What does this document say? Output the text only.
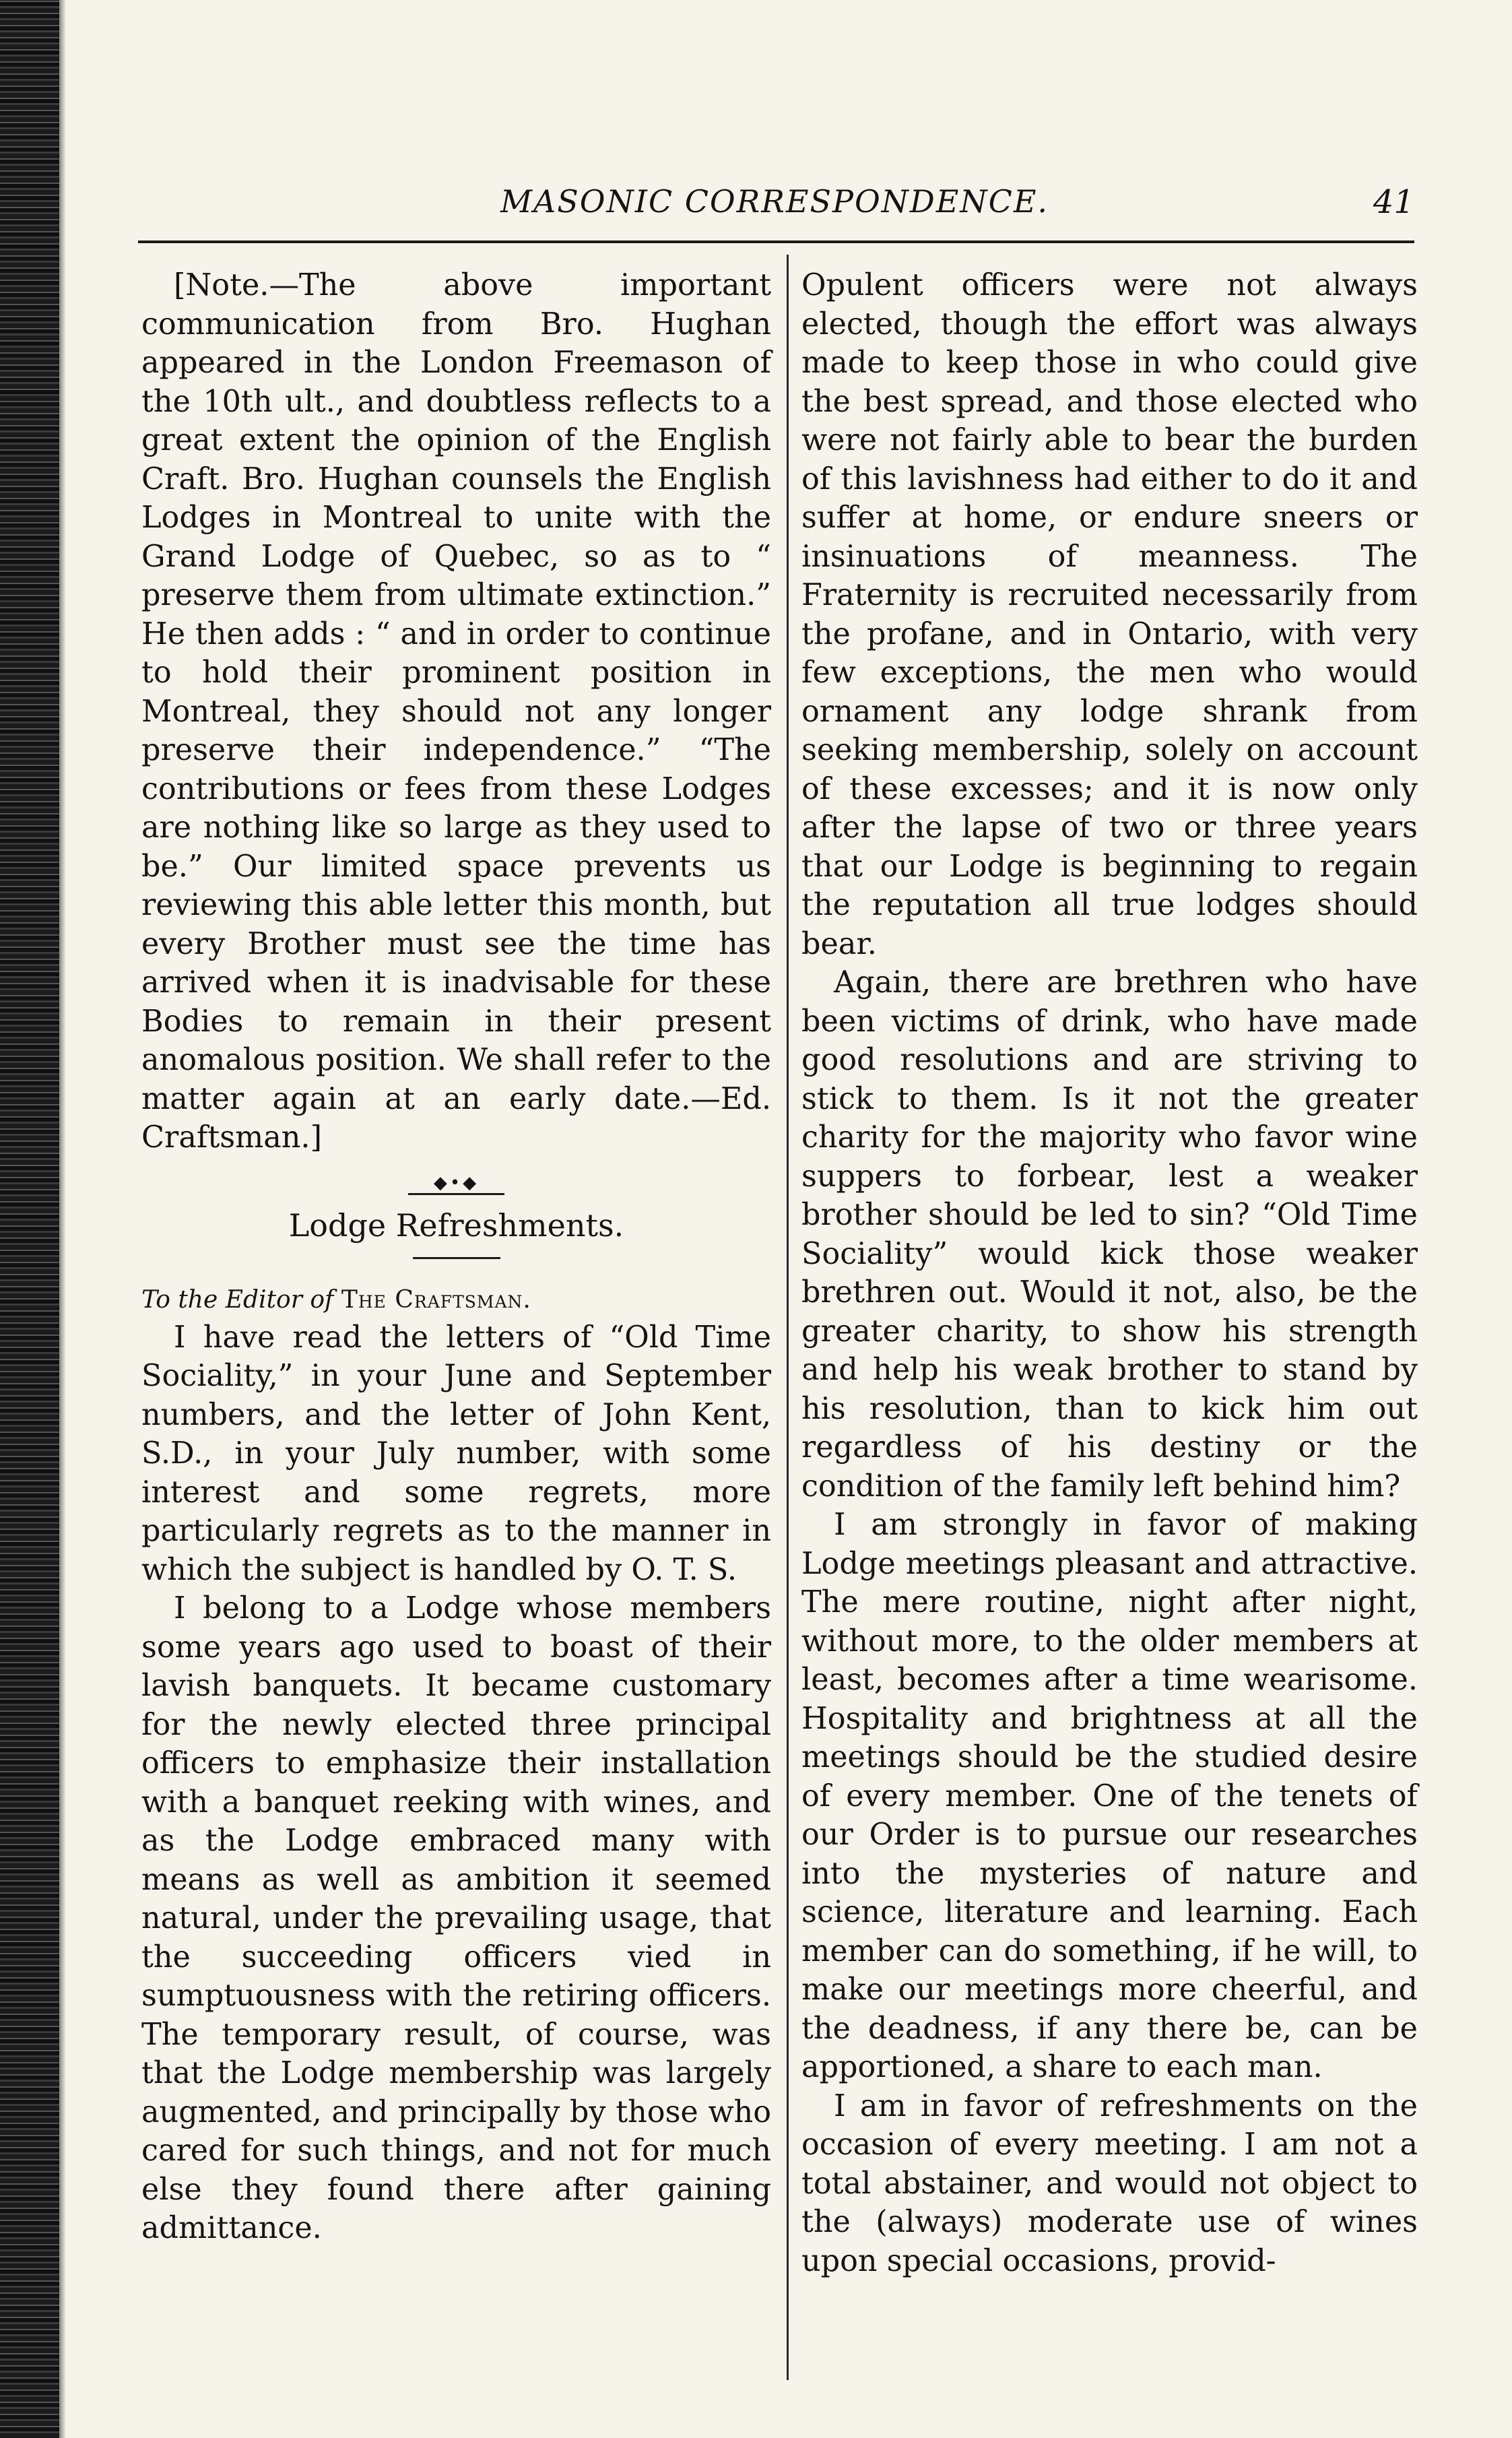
MASONIC CORRESPONDENCE.	41

[Note.—The above important communication from Bro. Hughan appeared in the London Freemason of the 10th ult., and doubtless reflects to a great extent the opinion of the English Craft. Bro. Hughan counsels the English Lodges in Montreal to unite with the Grand Lodge of Quebec, so as to “ preserve them from ultimate extinction.” He then adds : “ and in order to continue to hold their prominent position in Montreal, they should not any longer preserve their independence.” “The contributions or fees from these Lodges are nothing like so large as they used to be.” Our limited space prevents us reviewing this able letter this month, but every Brother must see the time has arrived when it is inadvisable for these Bodies to remain in their present anomalous position. We shall refer to the matter again at an early date.—Ed. Craftsman.]

◆•◆
Lodge Refreshments.

To the Editor of The Craftsman.

I have read the letters of “Old Time Sociality,” in your June and September numbers, and the letter of John Kent, S.D., in your July number, with some interest and some regrets, more particularly regrets as to the manner in which the subject is handled by O. T. S.

I belong to a Lodge whose members some years ago used to boast of their lavish banquets. It became customary for the newly elected three principal officers to emphasize their installation with a banquet reeking with wines, and as the Lodge embraced many with means as well as ambition it seemed natural, under the prevailing usage, that the succeeding officers vied in sumptuousness with the retiring officers. The temporary result, of course, was that the Lodge membership was largely augmented, and principally by those who cared for such things, and not for much else they found there after gaining admittance.

Opulent officers were not always elected, though the effort was always made to keep those in who could give the best spread, and those elected who were not fairly able to bear the burden of this lavishness had either to do it and suffer at home, or endure sneers or insinuations of meanness. The Fraternity is recruited necessarily from the profane, and in Ontario, with very few exceptions, the men who would ornament any lodge shrank from seeking membership, solely on account of these excesses; and it is now only after the lapse of two or three years that our Lodge is beginning to regain the reputation all true lodges should bear.

Again, there are brethren who have been victims of drink, who have made good resolutions and are striving to stick to them. Is it not the greater charity for the majority who favor wine suppers to forbear, lest a weaker brother should be led to sin? “Old Time Sociality” would kick those weaker brethren out. Would it not, also, be the greater charity, to show his strength and help his weak brother to stand by his resolution, than to kick him out regardless of his destiny or the condition of the family left behind him?

I am strongly in favor of making Lodge meetings pleasant and attractive. The mere routine, night after night, without more, to the older members at least, becomes after a time wearisome. Hospitality and brightness at all the meetings should be the studied desire of every member. One of the tenets of our Order is to pursue our researches into the mysteries of nature and science, literature and learning. Each member can do something, if he will, to make our meetings more cheerful, and the deadness, if any there be, can be apportioned, a share to each man.

I am in favor of refreshments on the occasion of every meeting. I am not a total abstainer, and would not object to the (always) moderate use of wines upon special occasions, provid-
